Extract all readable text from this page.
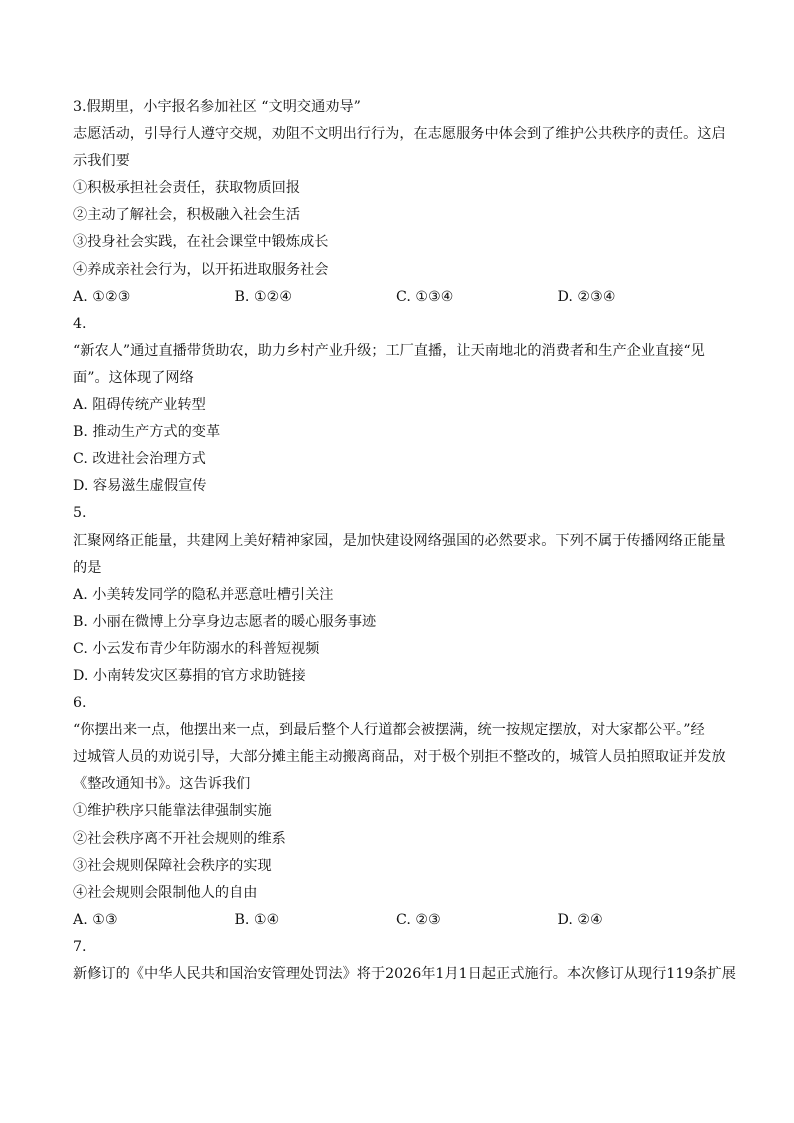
3.假期里，小宇报名参加社区 “文明交通劝导”
志愿活动，引导行人遵守交规，劝阻不文明出行行为，在志愿服务中体会到了维护公共秩序的责任。这启
示我们要
①积极承担社会责任，获取物质回报
②主动了解社会，积极融入社会生活
③投身社会实践，在社会课堂中锻炼成长
④养成亲社会行为，以开拓进取服务社会
A. ①②③	B. ①②④	C. ①③④	D. ②③④
4.
“新农人”通过直播带货助农，助力乡村产业升级；工厂直播，让天南地北的消费者和生产企业直接“见
面”。这体现了网络
A. 阻碍传统产业转型
B. 推动生产方式的变革
C. 改进社会治理方式
D. 容易滋生虚假宣传
5.
汇聚网络正能量，共建网上美好精神家园，是加快建设网络强国的必然要求。下列不属于传播网络正能量
的是
A. 小美转发同学的隐私并恶意吐槽引关注
B. 小丽在微博上分享身边志愿者的暖心服务事迹
C. 小云发布青少年防溺水的科普短视频
D. 小南转发灾区募捐的官方求助链接
6.
“你摆出来一点，他摆出来一点，到最后整个人行道都会被摆满，统一按规定摆放，对大家都公平。”经
过城管人员的劝说引导，大部分摊主能主动搬离商品，对于极个别拒不整改的，城管人员拍照取证并发放
《整改通知书》。这告诉我们
①维护秩序只能靠法律强制实施
②社会秩序离不开社会规则的维系
③社会规则保障社会秩序的实现
④社会规则会限制他人的自由
A. ①③	B. ①④	C. ②③	D. ②④
7.
新修订的《中华人民共和国治安管理处罚法》将于2026年1月1日起正式施行。本次修订从现行119条扩展
